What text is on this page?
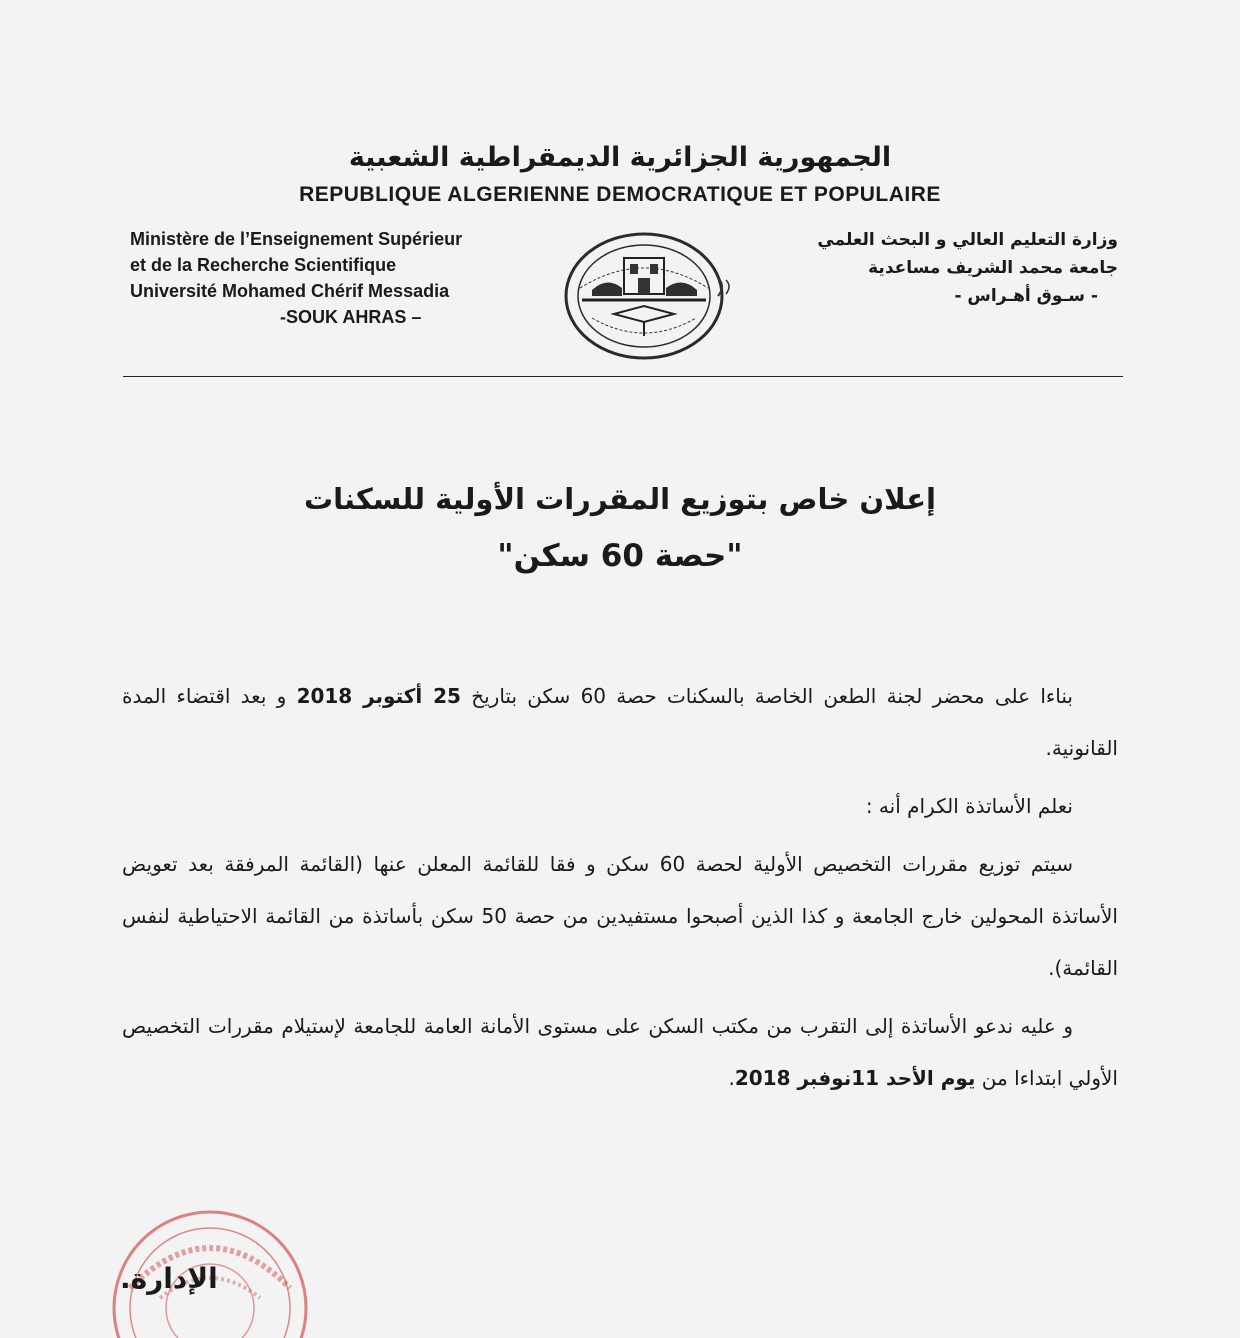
الجمهورية الجزائرية الديمقراطية الشعبية
REPUBLIQUE ALGERIENNE DEMOCRATIQUE ET POPULAIRE
Ministère de l’Enseignement Supérieur
et de la Recherche Scientifique
Université Mohamed Chérif Messadia
-SOUK AHRAS –
وزارة التعليم العالي و البحث العلمي
جامعة محمد الشريف مساعدية
- سـوق أهـراس -
إعلان خاص بتوزيع المقررات الأولية للسكنات
"حصة 60 سكن"

بناءا على محضر لجنة الطعن الخاصة بالسكنات حصة 60 سكن بتاريخ 25 أكتوبر 2018 و بعد اقتضاء المدة القانونية.

نعلم الأساتذة الكرام أنه :

سيتم توزيع مقررات التخصيص الأولية لحصة 60 سكن و فقا للقائمة المعلن عنها (القائمة المرفقة بعد تعويض الأساتذة المحولين خارج الجامعة و كذا الذين أصبحوا مستفيدين من حصة 50 سكن بأساتذة من القائمة الاحتياطية لنفس القائمة).

و عليه ندعو الأساتذة إلى التقرب من مكتب السكن على مستوى الأمانة العامة للجامعة لإستيلام مقررات التخصيص الأولي ابتداءا من يوم الأحد 11نوفبر 2018.

الإدارة.
